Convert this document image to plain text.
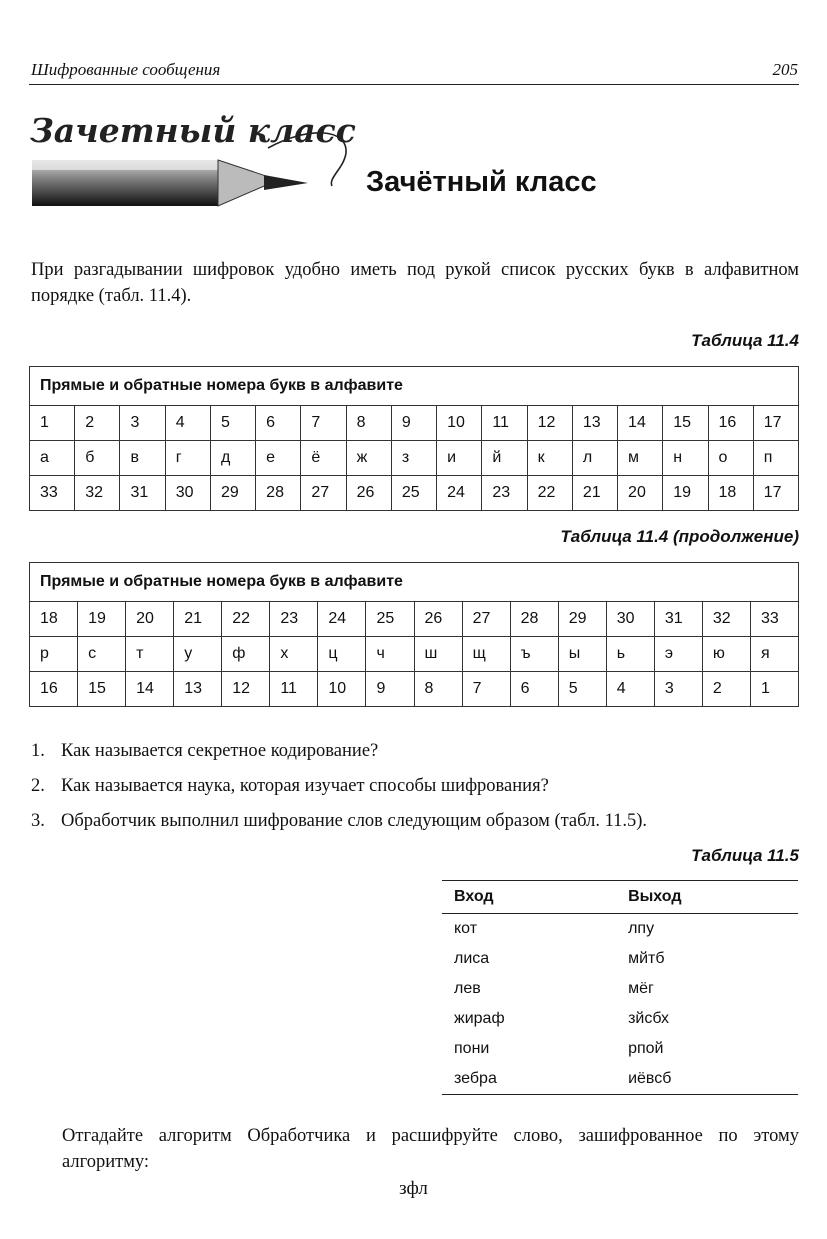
Шифрованные сообщения	205
Зачетный класс
Зачётный класс
При разгадывании шифровок удобно иметь под рукой список русских букв в алфавитном порядке (табл. 11.4).
Таблица 11.4
Прямые и обратные номера букв в алфавите																
1	2	3	4	5	6	7	8	9	10	11	12	13	14	15	16	17
а	б	в	г	д	е	ё	ж	з	и	й	к	л	м	н	о	п
33	32	31	30	29	28	27	26	25	24	23	22	21	20	19	18	17
Таблица 11.4 (продолжение)
Прямые и обратные номера букв в алфавите															
18	19	20	21	22	23	24	25	26	27	28	29	30	31	32	33
р	с	т	у	ф	х	ц	ч	ш	щ	ъ	ы	ь	э	ю	я
16	15	14	13	12	11	10	9	8	7	6	5	4	3	2	1
1. Как называется секретное кодирование?
2. Как называется наука, которая изучает способы шифрования?
3. Обработчик выполнил шифрование слов следующим образом (табл. 11.5).
Таблица 11.5
Вход	Выход
кот	лпу
лиса	мйтб
лев	мёг
жираф	зйсбх
пони	рпой
зебра	иёвсб
Отгадайте алгоритм Обработчика и расшифруйте слово, зашифрованное по этому алгоритму:
зфл
